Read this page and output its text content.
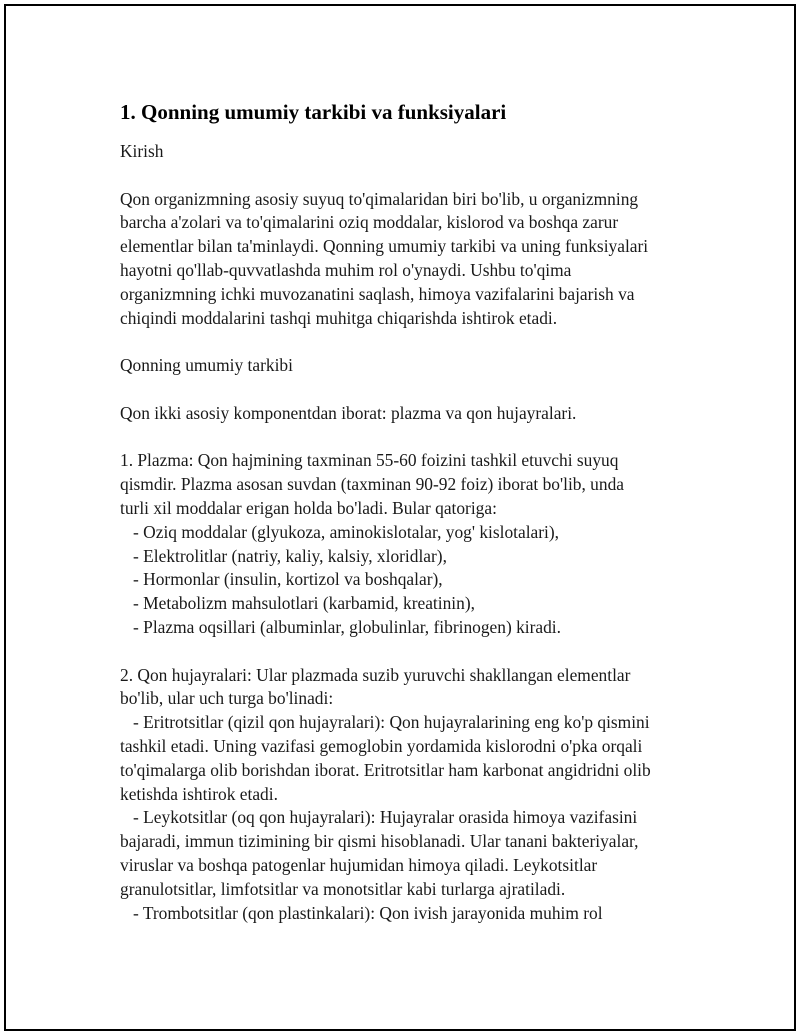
1. Qonning umumiy tarkibi va funksiyalari
Kirish
Qon organizmning asosiy suyuq to'qimalaridan biri bo'lib, u organizmning
barcha a'zolari va to'qimalarini oziq moddalar, kislorod va boshqa zarur
elementlar bilan ta'minlaydi. Qonning umumiy tarkibi va uning funksiyalari
hayotni qo'llab-quvvatlashda muhim rol o'ynaydi. Ushbu to'qima
organizmning ichki muvozanatini saqlash, himoya vazifalarini bajarish va
chiqindi moddalarini tashqi muhitga chiqarishda ishtirok etadi.
Qonning umumiy tarkibi
Qon ikki asosiy komponentdan iborat: plazma va qon hujayralari.
1. Plazma: Qon hajmining taxminan 55-60 foizini tashkil etuvchi suyuq
qismdir. Plazma asosan suvdan (taxminan 90-92 foiz) iborat bo'lib, unda
turli xil moddalar erigan holda bo'ladi. Bular qatoriga:
- Oziq moddalar (glyukoza, aminokislotalar, yog' kislotalari),
- Elektrolitlar (natriy, kaliy, kalsiy, xloridlar),
- Hormonlar (insulin, kortizol va boshqalar),
- Metabolizm mahsulotlari (karbamid, kreatinin),
- Plazma oqsillari (albuminlar, globulinlar, fibrinogen) kiradi.
2. Qon hujayralari: Ular plazmada suzib yuruvchi shakllangan elementlar
bo'lib, ular uch turga bo'linadi:
- Eritrotsitlar (qizil qon hujayralari): Qon hujayralarining eng ko'p qismini
tashkil etadi. Uning vazifasi gemoglobin yordamida kislorodni o'pka orqali
to'qimalarga olib borishdan iborat. Eritrotsitlar ham karbonat angidridni olib
ketishda ishtirok etadi.
- Leykotsitlar (oq qon hujayralari): Hujayralar orasida himoya vazifasini
bajaradi, immun tizimining bir qismi hisoblanadi. Ular tanani bakteriyalar,
viruslar va boshqa patogenlar hujumidan himoya qiladi. Leykotsitlar
granulotsitlar, limfotsitlar va monotsitlar kabi turlarga ajratiladi.
- Trombotsitlar (qon plastinkalari): Qon ivish jarayonida muhim rol
